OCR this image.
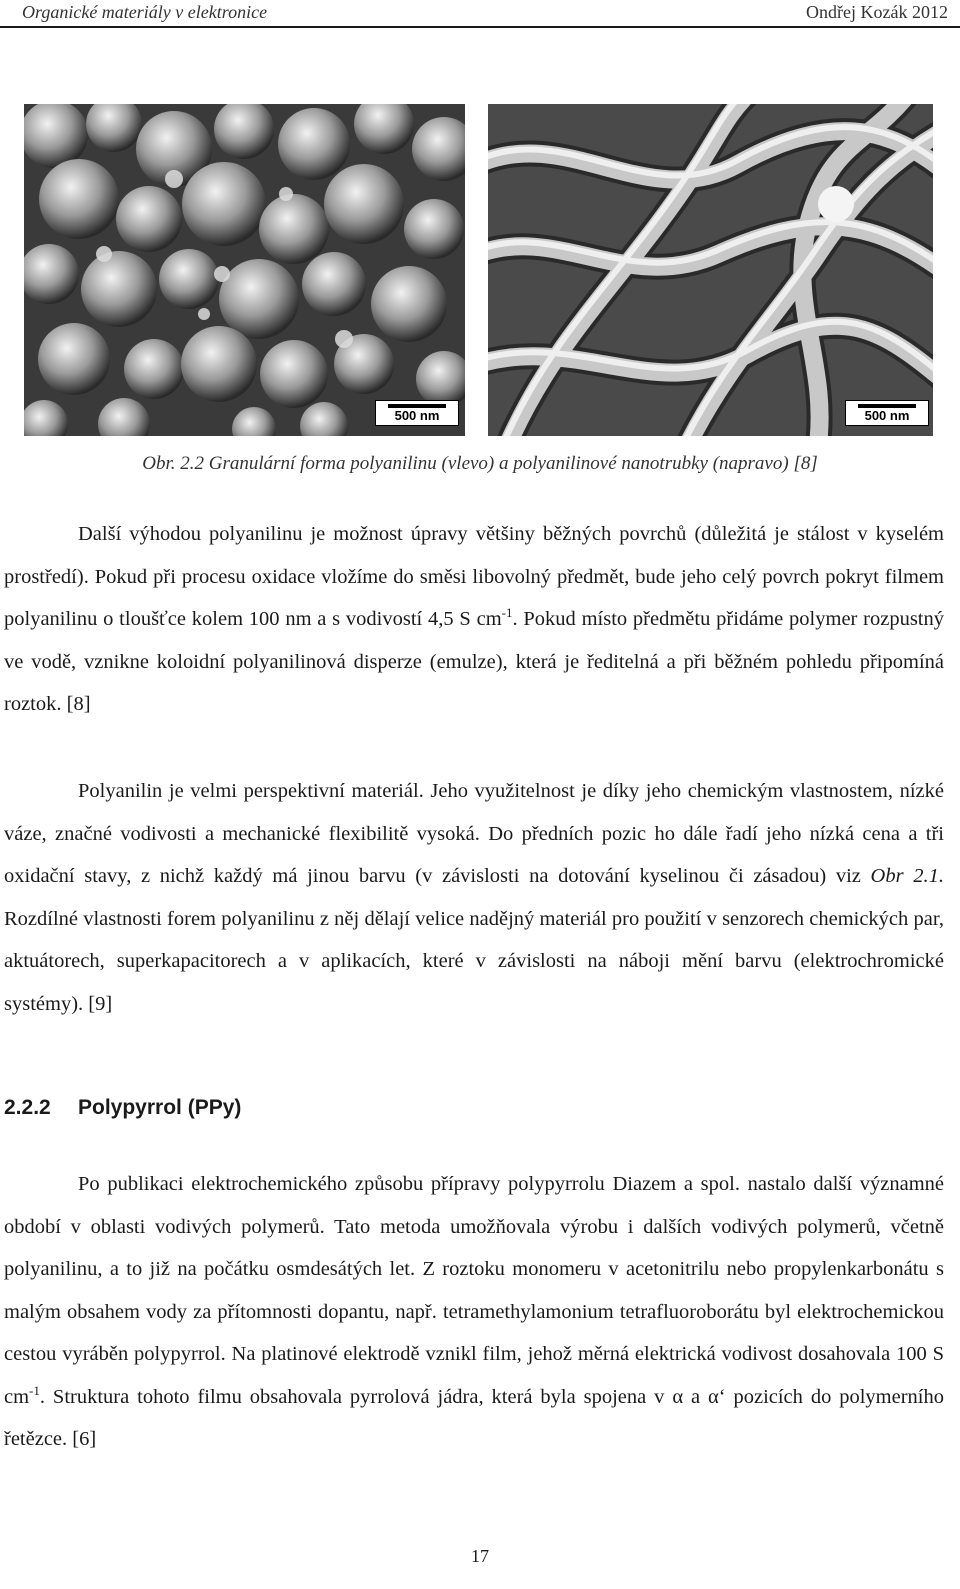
Organické materiály v elektronice	Ondřej Kozák 2012
500 nm	500 nm
Obr. 2.2 Granulární forma polyanilinu (vlevo) a polyanilinové nanotrubky (napravo) [8]

Další výhodou polyanilinu je možnost úpravy většiny běžných povrchů (důležitá je stálost v kyselém prostředí). Pokud při procesu oxidace vložíme do směsi libovolný předmět, bude jeho celý povrch pokryt filmem polyanilinu o tloušťce kolem 100 nm a s vodivostí 4,5 S $cm^{-1}$. Pokud místo předmětu přidáme polymer rozpustný ve vodě, vznikne koloidní polyanilinová disperze (emulze), která je ředitelná a při běžném pohledu připomíná roztok. [8]

Polyanilin je velmi perspektivní materiál. Jeho využitelnost je díky jeho chemickým vlastnostem, nízké váze, značné vodivosti a mechanické flexibilitě vysoká. Do předních pozic ho dále řadí jeho nízká cena a tři oxidační stavy, z nichž každý má jinou barvu (v závislosti na dotování kyselinou či zásadou) viz Obr 2.1. Rozdílné vlastnosti forem polyanilinu z něj dělají velice nadějný materiál pro použití v senzorech chemických par, aktuátorech, superkapacitorech a v aplikacích, které v závislosti na náboji mění barvu (elektrochromické systémy). [9]

2.2.2 Polypyrrol (PPy)

Po publikaci elektrochemického způsobu přípravy polypyrrolu Diazem a spol. nastalo další významné období v oblasti vodivých polymerů. Tato metoda umožňovala výrobu i dalších vodivých polymerů, včetně polyanilinu, a to již na počátku osmdesátých let. Z roztoku monomeru v acetonitrilu nebo propylenkarbonátu s malým obsahem vody za přítomnosti dopantu, např. tetramethylamonium tetrafluoroborátu byl elektrochemickou cestou vyráběn polypyrrol. Na platinové elektrodě vznikl film, jehož měrná elektrická vodivost dosahovala 100 S $cm^{-1}$. Struktura tohoto filmu obsahovala pyrrolová jádra, která byla spojena v α a α‘ pozicích do polymerního řetězce. [6]

17
